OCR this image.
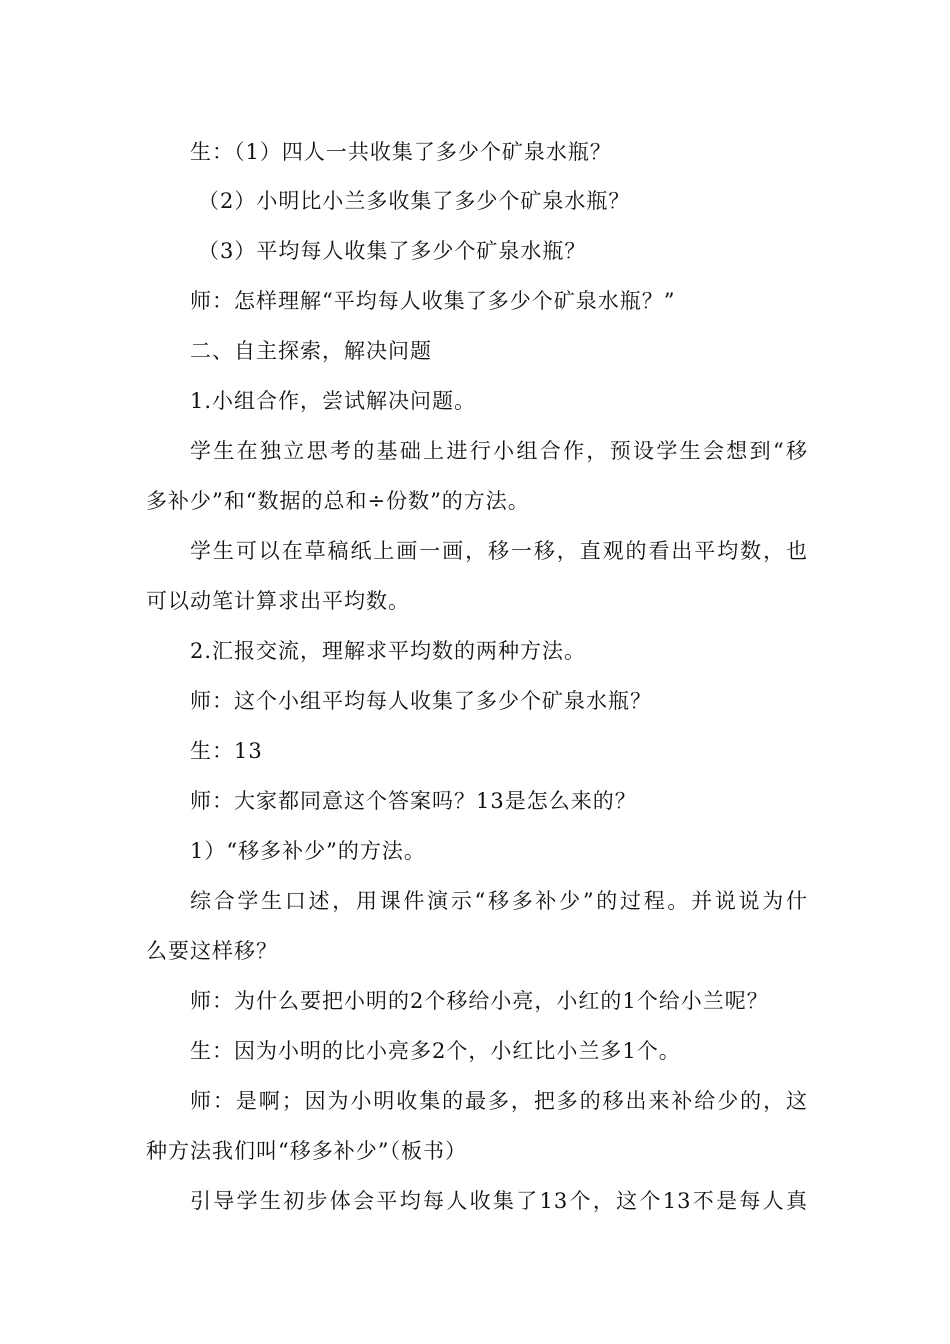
生：（1）四人一共收集了多少个矿泉水瓶？
（2）小明比小兰多收集了多少个矿泉水瓶？
（3）平均每人收集了多少个矿泉水瓶？
师：怎样理解“平均每人收集了多少个矿泉水瓶？”
二、自主探索，解决问题
1.小组合作，尝试解决问题。
学生在独立思考的基础上进行小组合作，预设学生会想到“移
多补少”和“数据的总和÷份数”的方法。
学生可以在草稿纸上画一画，移一移，直观的看出平均数，也
可以动笔计算求出平均数。
2.汇报交流，理解求平均数的两种方法。
师：这个小组平均每人收集了多少个矿泉水瓶？
生：13
师：大家都同意这个答案吗？13是怎么来的？
1）“移多补少”的方法。
综合学生口述，用课件演示“移多补少”的过程。并说说为什
么要这样移？
师：为什么要把小明的2个移给小亮，小红的1个给小兰呢？
生：因为小明的比小亮多2个，小红比小兰多1个。
师：是啊；因为小明收集的最多，把多的移出来补给少的，这
种方法我们叫“移多补少”（板书）
引导学生初步体会平均每人收集了13个，这个13不是每人真
